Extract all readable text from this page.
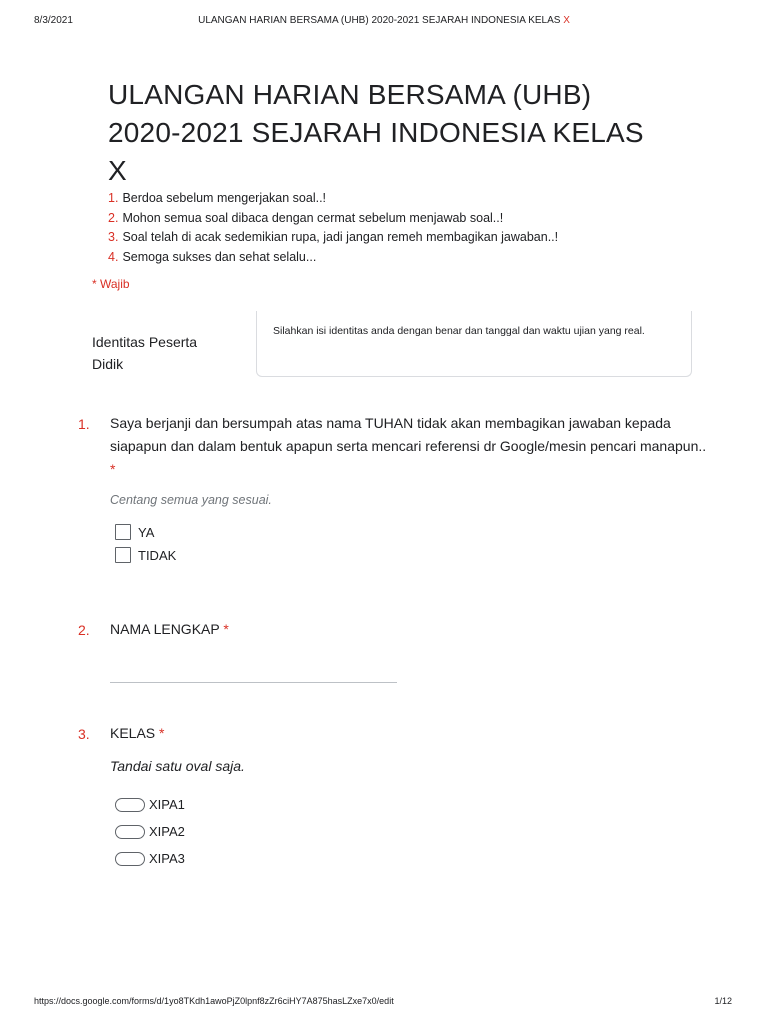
8/3/2021	ULANGAN HARIAN BERSAMA (UHB) 2020-2021 SEJARAH INDONESIA KELAS X
ULANGAN HARIAN BERSAMA (UHB) 2020-2021 SEJARAH INDONESIA KELAS X
1. Berdoa sebelum mengerjakan soal..!
2. Mohon semua soal dibaca dengan cermat sebelum menjawab soal..!
3. Soal telah di acak sedemikian rupa, jadi jangan remeh membagikan jawaban..!
4. Semoga sukses dan sehat selalu...
* Wajib
Identitas Peserta Didik
Silahkan isi identitas anda dengan benar dan tanggal dan waktu ujian yang real.
1. Saya berjanji dan bersumpah atas nama TUHAN tidak akan membagikan jawaban kepada siapapun dan dalam bentuk apapun serta mencari referensi dr Google/mesin pencari manapun.. *
Centang semua yang sesuai.
YA
TIDAK
2. NAMA LENGKAP *
3. KELAS *
Tandai satu oval saja.
XIPA1
XIPA2
XIPA3
https://docs.google.com/forms/d/1yo8TKdh1awoPjZ0lpnf8zZr6ciHY7A875hasLZxe7x0/edit	1/12
